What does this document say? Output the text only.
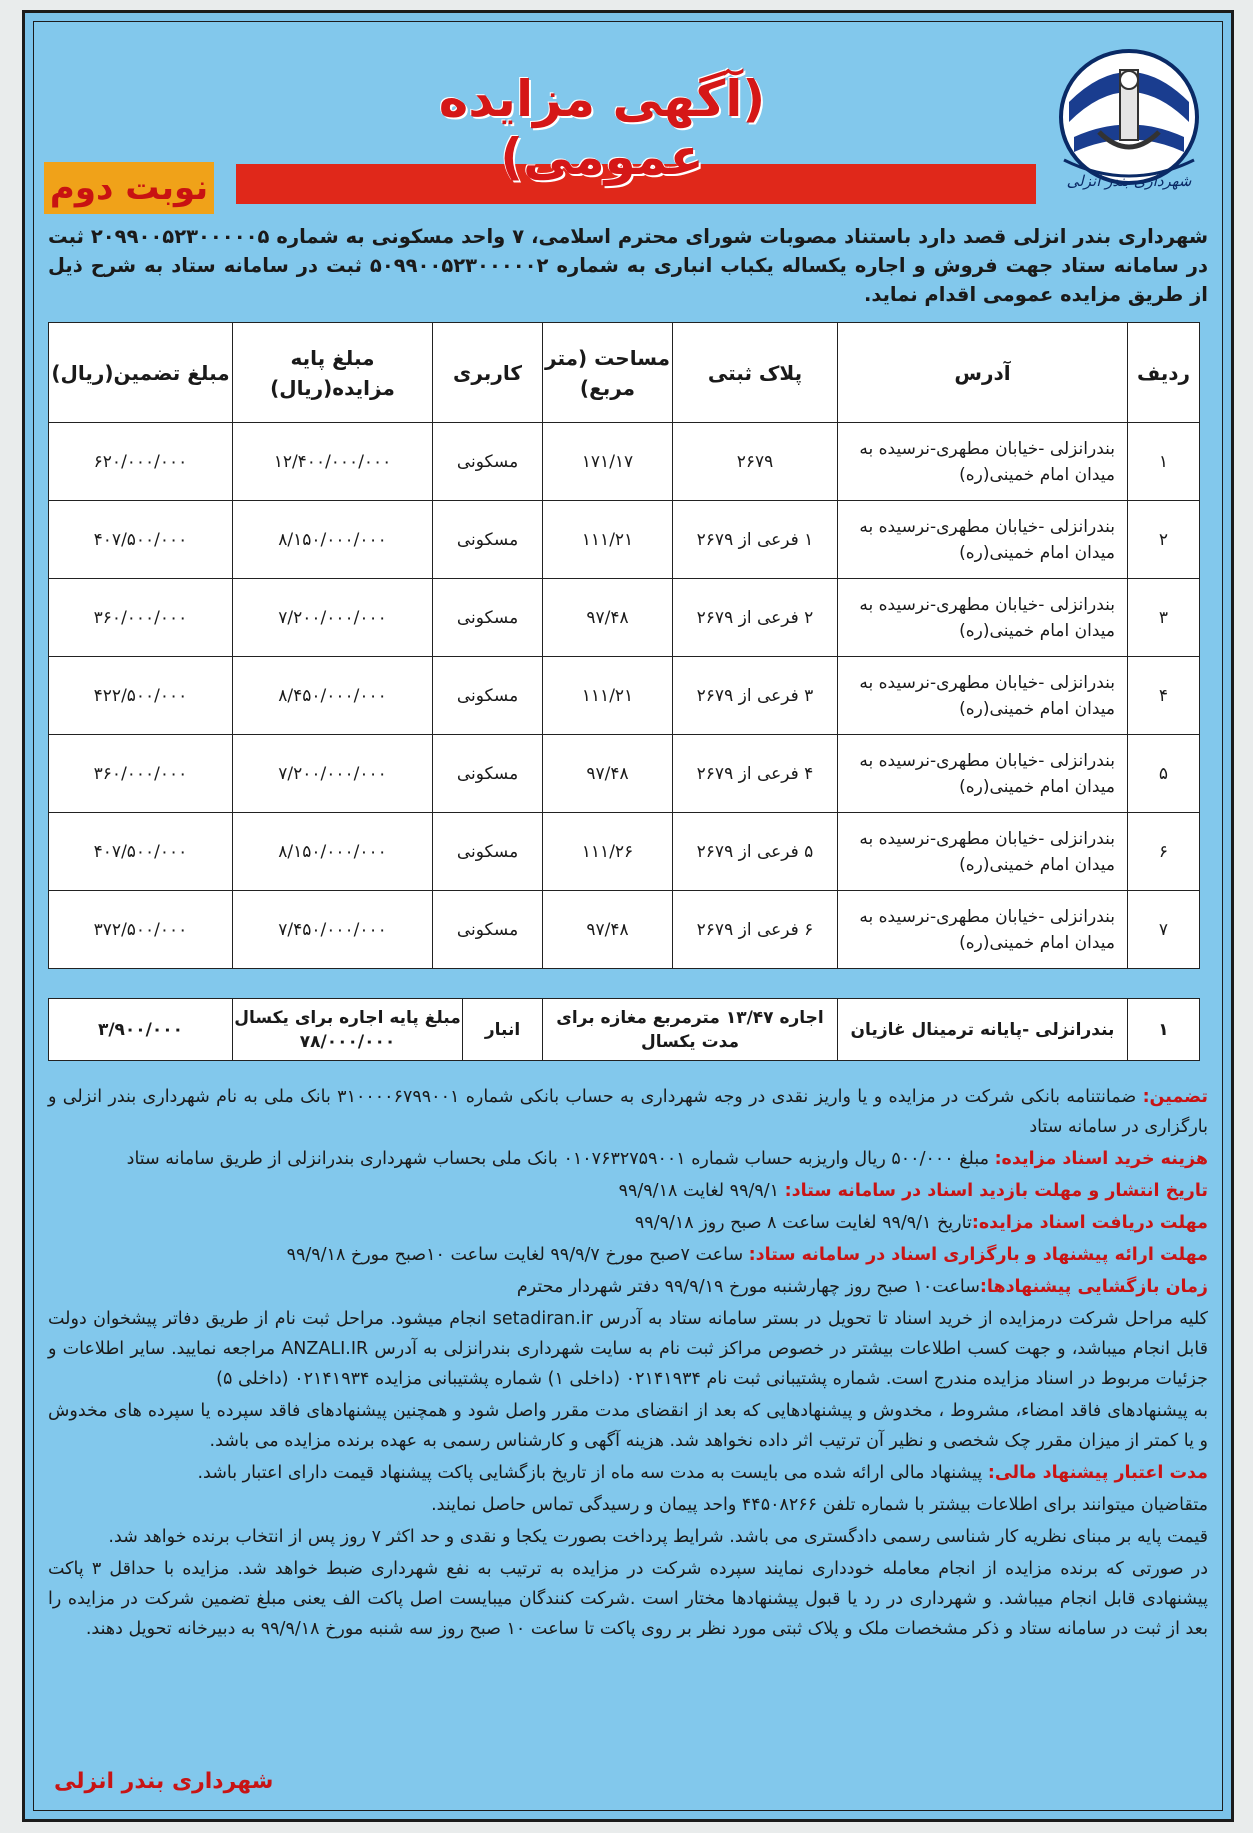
شهرداری بندر انزلی
(آگهی مزایده عمومی)
نوبت دوم
شهرداری بندر انزلی قصد دارد باستناد مصوبات شورای محترم اسلامی، ۷ واحد مسکونی به شماره ۲۰۹۹۰۰۵۲۳۰۰۰۰۰۵ ثبت در سامانه ستاد جهت فروش و اجاره یکساله یکباب انباری به شماره ۵۰۹۹۰۰۵۲۳۰۰۰۰۰۲ ثبت در سامانه ستاد به شرح ذیل از طریق مزایده عمومی اقدام نماید.
ردیف	آدرس	پلاک ثبتی	مساحت (متر مربع)	کاربری	مبلغ پایه مزایده(ریال)	مبلغ تضمین(ریال)
۱	بندرانزلی -خیابان مطهری-نرسیده به میدان امام خمینی(ره)	۲۶۷۹	۱۷۱/۱۷	مسکونی	۱۲/۴۰۰/۰۰۰/۰۰۰	۶۲۰/۰۰۰/۰۰۰
۲	بندرانزلی -خیابان مطهری-نرسیده به میدان امام خمینی(ره)	۱ فرعی از ۲۶۷۹	۱۱۱/۲۱	مسکونی	۸/۱۵۰/۰۰۰/۰۰۰	۴۰۷/۵۰۰/۰۰۰
۳	بندرانزلی -خیابان مطهری-نرسیده به میدان امام خمینی(ره)	۲ فرعی از ۲۶۷۹	۹۷/۴۸	مسکونی	۷/۲۰۰/۰۰۰/۰۰۰	۳۶۰/۰۰۰/۰۰۰
۴	بندرانزلی -خیابان مطهری-نرسیده به میدان امام خمینی(ره)	۳ فرعی از ۲۶۷۹	۱۱۱/۲۱	مسکونی	۸/۴۵۰/۰۰۰/۰۰۰	۴۲۲/۵۰۰/۰۰۰
۵	بندرانزلی -خیابان مطهری-نرسیده به میدان امام خمینی(ره)	۴ فرعی از ۲۶۷۹	۹۷/۴۸	مسکونی	۷/۲۰۰/۰۰۰/۰۰۰	۳۶۰/۰۰۰/۰۰۰
۶	بندرانزلی -خیابان مطهری-نرسیده به میدان امام خمینی(ره)	۵ فرعی از ۲۶۷۹	۱۱۱/۲۶	مسکونی	۸/۱۵۰/۰۰۰/۰۰۰	۴۰۷/۵۰۰/۰۰۰
۷	بندرانزلی -خیابان مطهری-نرسیده به میدان امام خمینی(ره)	۶ فرعی از ۲۶۷۹	۹۷/۴۸	مسکونی	۷/۴۵۰/۰۰۰/۰۰۰	۳۷۲/۵۰۰/۰۰۰
۱	بندرانزلی -پایانه ترمینال غازیان	اجاره ۱۳/۴۷ مترمربع مغازه برای مدت یکسال	انبار	مبلغ پایه اجاره برای یکسال ۷۸/۰۰۰/۰۰۰	۳/۹۰۰/۰۰۰

تضمین: ضمانتنامه بانکی شرکت در مزایده و یا واریز نقدی در وجه شهرداری به حساب بانکی شماره ۳۱۰۰۰۰۶۷۹۹۰۰۱ بانک ملی به نام شهرداری بندر انزلی و بارگزاری در سامانه ستاد

هزینه خرید اسناد مزایده: مبلغ ۵۰۰/۰۰۰ ریال واریزبه حساب شماره ۰۱۰۷۶۳۲۷۵۹۰۰۱ بانک ملی بحساب شهرداری بندرانزلی از طریق سامانه ستاد

تاریخ انتشار و مهلت بازدید اسناد در سامانه ستاد: ۹۹/۹/۱ لغایت ۹۹/۹/۱۸

مهلت دریافت اسناد مزایده:تاریخ ۹۹/۹/۱ لغایت ساعت ۸ صبح روز ۹۹/۹/۱۸

مهلت ارائه پیشنهاد و بارگزاری اسناد در سامانه ستاد: ساعت ۷صبح مورخ ۹۹/۹/۷ لغایت ساعت ۱۰صبح مورخ ۹۹/۹/۱۸

زمان بازگشایی پیشنهادها:ساعت۱۰ صبح روز چهارشنبه مورخ ۹۹/۹/۱۹ دفتر شهردار محترم

کلیه مراحل شرکت درمزایده از خرید اسناد تا تحویل در بستر سامانه ستاد به آدرس setadiran.ir انجام میشود. مراحل ثبت نام از طریق دفاتر پیشخوان دولت قابل انجام میباشد، و جهت کسب اطلاعات بیشتر در خصوص مراکز ثبت نام به سایت شهرداری بندرانزلی به آدرس ANZALI.IR مراجعه نمایید. سایر اطلاعات و جزئیات مربوط در اسناد مزایده مندرج است. شماره پشتیبانی ثبت نام ۰۲۱۴۱۹۳۴ (داخلی ۱) شماره پشتیبانی مزایده ۰۲۱۴۱۹۳۴ (داخلی ۵)

به پیشنهادهای فاقد امضاء، مشروط ، مخدوش و پیشنهادهایی که بعد از انقضای مدت مقرر واصل شود و همچنین پیشنهادهای فاقد سپرده یا سپرده های مخدوش و یا کمتر از میزان مقرر چک شخصی و نظیر آن ترتیب اثر داده نخواهد شد. هزینه آگهی و کارشناس رسمی به عهده برنده مزایده می باشد.

مدت اعتبار پیشنهاد مالی: پیشنهاد مالی ارائه شده می بایست به مدت سه ماه از تاریخ بازگشایی پاکت پیشنهاد قیمت دارای اعتبار باشد.

متقاضیان میتوانند برای اطلاعات بیشتر با شماره تلفن ۴۴۵۰۸۲۶۶ واحد پیمان و رسیدگی تماس حاصل نمایند.

قیمت پایه بر مبنای نظریه کار شناسی رسمی دادگستری می باشد. شرایط پرداخت بصورت یکجا و نقدی و حد اکثر ۷ روز پس از انتخاب برنده خواهد شد.

در صورتی که برنده مزایده از انجام معامله خودداری نمایند سپرده شرکت در مزایده به ترتیب به نفع شهرداری ضبط خواهد شد. مزایده با حداقل ۳ پاکت پیشنهادی قابل انجام میباشد. و شهرداری در رد یا قبول پیشنهادها مختار است .شرکت کنندگان میبایست اصل پاکت الف یعنی مبلغ تضمین شرکت در مزایده را بعد از ثبت در سامانه ستاد و ذکر مشخصات ملک و پلاک ثبتی مورد نظر بر روی پاکت تا ساعت ۱۰ صبح روز سه شنبه مورخ ۹۹/۹/۱۸ به دبیرخانه تحویل دهند.

شهرداری بندر انزلی
